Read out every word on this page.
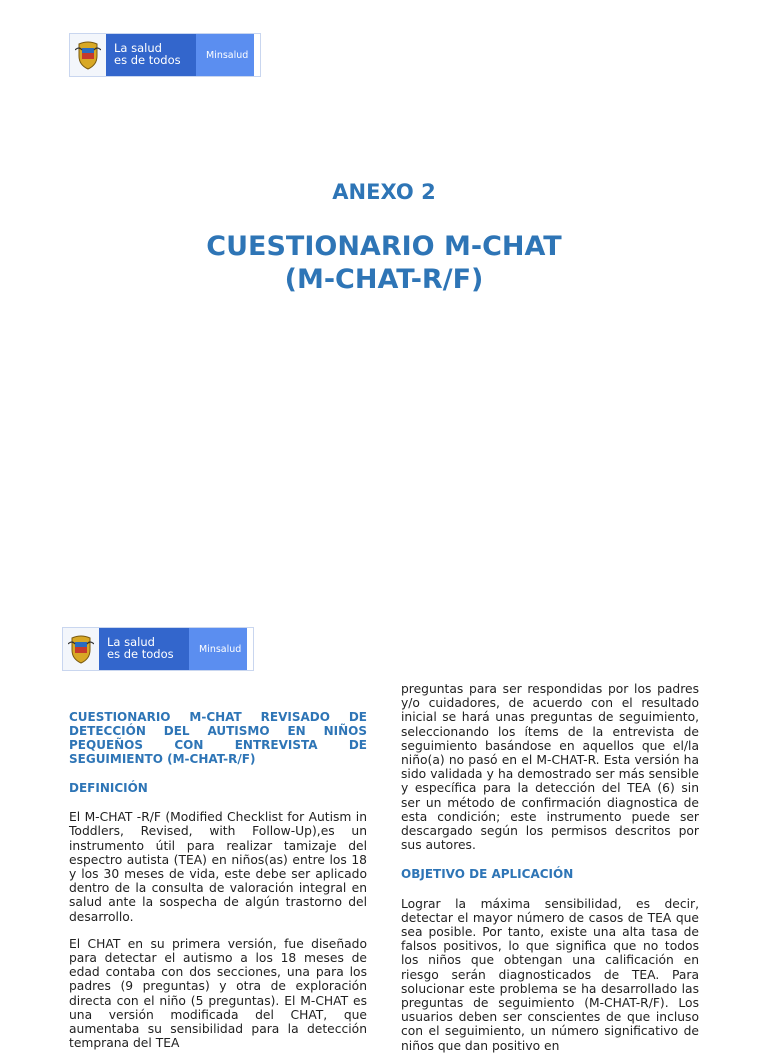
La salud
es de todos	Minsalud
ANEXO 2
CUESTIONARIO M-CHAT
(M-CHAT-R/F)
La salud
es de todos	Minsalud

CUESTIONARIO M-CHAT REVISADO DE DETECCIÓN DEL AUTISMO EN NIÑOS PEQUEÑOS CON ENTREVISTA DE SEGUIMIENTO (M-CHAT-R/F)

DEFINICIÓN

El M-CHAT -R/F (Modified Checklist for Autism in Toddlers, Revised, with Follow-Up),es un instrumento útil para realizar tamizaje del espectro autista (TEA) en niños(as) entre los 18 y los 30 meses de vida, este debe ser aplicado dentro de la consulta de valoración integral en salud ante la sospecha de algún trastorno del desarrollo.

El CHAT en su primera versión, fue diseñado para detectar el autismo a los 18 meses de edad contaba con dos secciones, una para los padres (9 preguntas) y otra de exploración directa con el niño (5 preguntas). El M-CHAT es una versión modificada del CHAT, que aumentaba su sensibilidad para la detección temprana del TEA

preguntas para ser respondidas por los padres y/o cuidadores, de acuerdo con el resultado inicial se hará unas preguntas de seguimiento, seleccionando los ítems de la entrevista de seguimiento basándose en aquellos que el/la niño(a) no pasó en el M-CHAT-R. Esta versión ha sido validada y ha demostrado ser más sensible y específica para la detección del TEA (6) sin ser un método de confirmación diagnostica de esta condición; este instrumento puede ser descargado según los permisos descritos por sus autores.

OBJETIVO DE APLICACIÓN

Lograr la máxima sensibilidad, es decir, detectar el mayor número de casos de TEA que sea posible. Por tanto, existe una alta tasa de falsos positivos, lo que significa que no todos los niños que obtengan una calificación en riesgo serán diagnosticados de TEA. Para solucionar este problema se ha desarrollado las preguntas de seguimiento (M-CHAT-R/F). Los usuarios deben ser conscientes de que incluso con el seguimiento, un número significativo de niños que dan positivo en
